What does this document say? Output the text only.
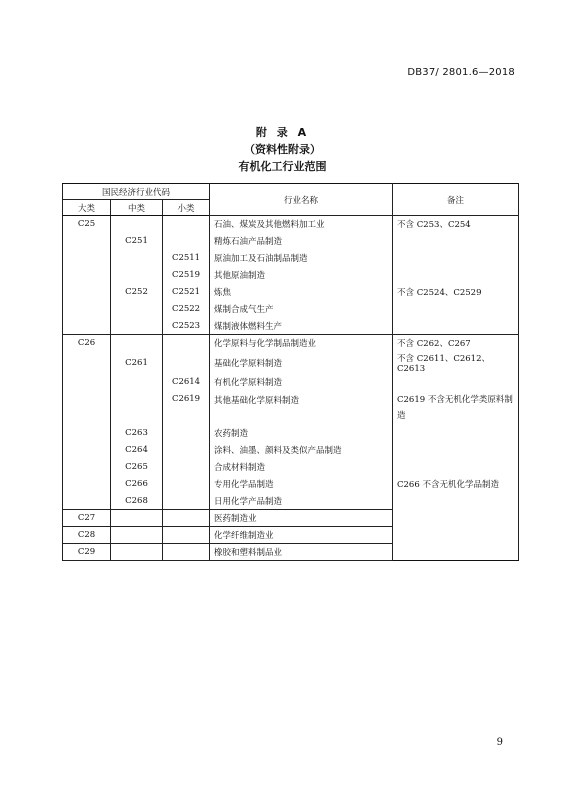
DB37/ 2801.6—2018
附 录 A
（资料性附录）
有机化工行业范围
国民经济行业代码			行业名称	备注
大类	中类	小类		
C25			石油、煤炭及其他燃料加工业	不含 C253、C254
	C251		精炼石油产品制造	
		C2511	原油加工及石油制品制造	
		C2519	其他原油制造	
	C252	C2521	炼焦	不含 C2524、C2529
		C2522	煤制合成气生产	
		C2523	煤制液体燃料生产	
C26			化学原料与化学制品制造业	不含 C262、C267
	C261		基础化学原料制造	不含 C2611、C2612、C2613
		C2614	有机化学原料制造	
		C2619	其他基础化学原料制造	C2619 不含无机化学类原料制造
	C263		农药制造	
	C264		涂料、油墨、颜料及类似产品制造	
	C265		合成材料制造	
	C266		专用化学品制造	C266 不含无机化学品制造
	C268		日用化学产品制造	
C27			医药制造业	
C28			化学纤维制造业	
C29			橡胶和塑料制品业	
9
